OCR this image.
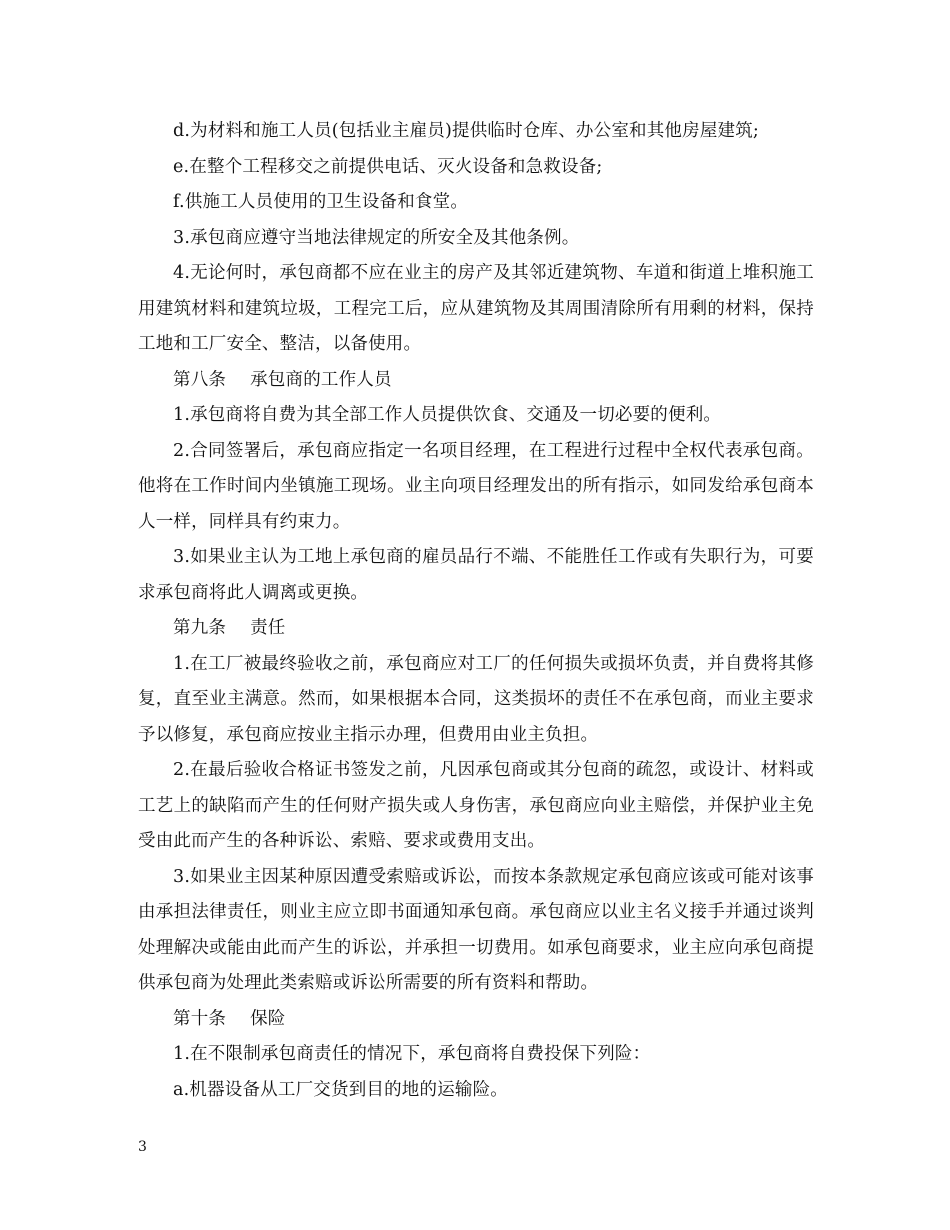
d.为材料和施工人员(包括业主雇员)提供临时仓库、办公室和其他房屋建筑;

e.在整个工程移交之前提供电话、灭火设备和急救设备;

f.供施工人员使用的卫生设备和食堂。

3.承包商应遵守当地法律规定的所安全及其他条例。

4.无论何时，承包商都不应在业主的房产及其邻近建筑物、车道和街道上堆积施工用建筑材料和建筑垃圾，工程完工后，应从建筑物及其周围清除所有用剩的材料，保持工地和工厂安全、整洁，以备使用。

第八条 承包商的工作人员

1.承包商将自费为其全部工作人员提供饮食、交通及一切必要的便利。

2.合同签署后，承包商应指定一名项目经理，在工程进行过程中全权代表承包商。他将在工作时间内坐镇施工现场。业主向项目经理发出的所有指示，如同发给承包商本人一样，同样具有约束力。

3.如果业主认为工地上承包商的雇员品行不端、不能胜任工作或有失职行为，可要求承包商将此人调离或更换。

第九条 责任

1.在工厂被最终验收之前，承包商应对工厂的任何损失或损坏负责，并自费将其修复，直至业主满意。然而，如果根据本合同，这类损坏的责任不在承包商，而业主要求予以修复，承包商应按业主指示办理，但费用由业主负担。

2.在最后验收合格证书签发之前，凡因承包商或其分包商的疏忽，或设计、材料或工艺上的缺陷而产生的任何财产损失或人身伤害，承包商应向业主赔偿，并保护业主免受由此而产生的各种诉讼、索赔、要求或费用支出。

3.如果业主因某种原因遭受索赔或诉讼，而按本条款规定承包商应该或可能对该事由承担法律责任，则业主应立即书面通知承包商。承包商应以业主名义接手并通过谈判处理解决或能由此而产生的诉讼，并承担一切费用。如承包商要求，业主应向承包商提供承包商为处理此类索赔或诉讼所需要的所有资料和帮助。

第十条 保险

1.在不限制承包商责任的情况下，承包商将自费投保下列险：

a.机器设备从工厂交货到目的地的运输险。

3
